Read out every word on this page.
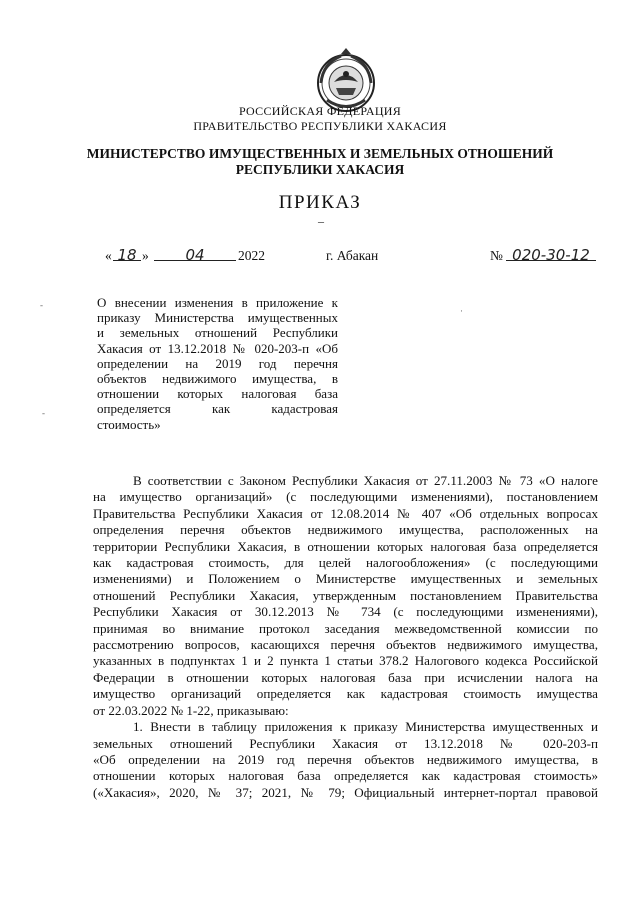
РОССИЙСКАЯ ФЕДЕРАЦИЯ
ПРАВИТЕЛЬСТВО РЕСПУБЛИКИ ХАКАСИЯ
МИНИСТЕРСТВО ИМУЩЕСТВЕННЫХ И ЗЕМЕЛЬНЫХ ОТНОШЕНИЙ
РЕСПУБЛИКИ ХАКАСИЯ
ПРИКАЗ
–
« 18 »	04	2022	г. Абакан	№ 020-30-12
О внесении изменения в приложение к
приказу Министерства имущественных
и земельных отношений Республики
Хакасия от 13.12.2018 № 020-203-п «Об
определении на 2019 год перечня
объектов недвижимого имущества, в
отношении которых налоговая база
определяется как кадастровая
стоимость»
В соответствии с Законом Республики Хакасия от 27.11.2003 № 73 «О налоге
на имущество организаций» (с последующими изменениями), постановлением
Правительства Республики Хакасия от 12.08.2014 № 407 «Об отдельных вопросах
определения перечня объектов недвижимого имущества, расположенных на
территории Республики Хакасия, в отношении которых налоговая база определяется
как кадастровая стоимость, для целей налогообложения» (с последующими
изменениями) и Положением о Министерстве имущественных и земельных
отношений Республики Хакасия, утвержденным постановлением Правительства
Республики Хакасия от 30.12.2013 № 734 (с последующими изменениями),
принимая во внимание протокол заседания межведомственной комиссии по
рассмотрению вопросов, касающихся перечня объектов недвижимого имущества,
указанных в подпунктах 1 и 2 пункта 1 статьи 378.2 Налогового кодекса Российской
Федерации в отношении которых налоговая база при исчислении налога на
имущество организаций определяется как кадастровая стоимость имущества
от 22.03.2022 № 1-22, приказываю:
1. Внести в таблицу приложения к приказу Министерства имущественных и
земельных отношений Республики Хакасия от 13.12.2018 № 020-203-п
«Об определении на 2019 год перечня объектов недвижимого имущества, в
отношении которых налоговая база определяется как кадастровая стоимость»
(«Хакасия», 2020, № 37; 2021, № 79; Официальный интернет-портал правовой
-
-
·
